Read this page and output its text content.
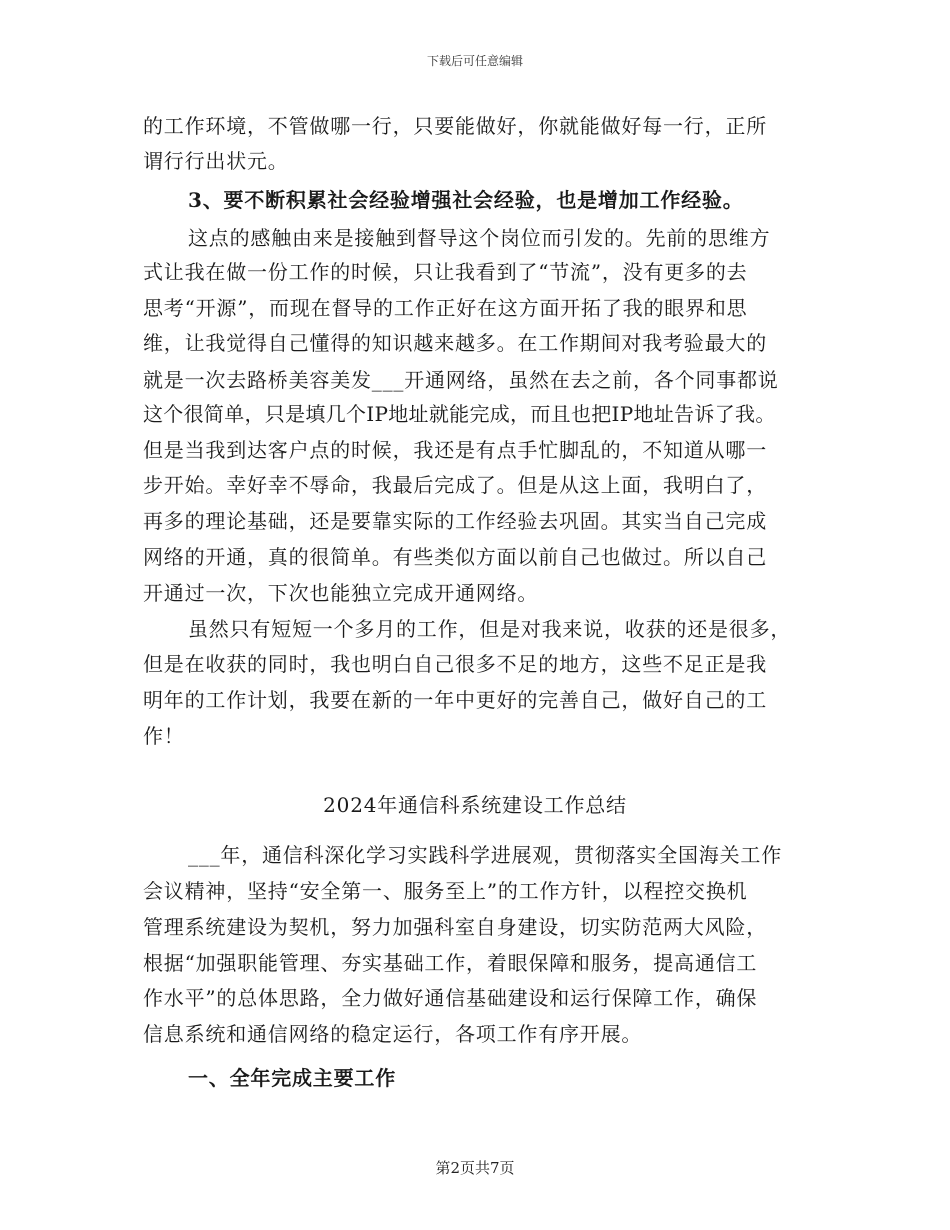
下载后可任意编辑
的工作环境，不管做哪一行，只要能做好，你就能做好每一行，正所
谓行行出状元。
3、要不断积累社会经验增强社会经验，也是增加工作经验。
这点的感触由来是接触到督导这个岗位而引发的。先前的思维方
式让我在做一份工作的时候，只让我看到了“节流”，没有更多的去
思考“开源”，而现在督导的工作正好在这方面开拓了我的眼界和思
维，让我觉得自己懂得的知识越来越多。在工作期间对我考验最大的
就是一次去路桥美容美发___开通网络，虽然在去之前，各个同事都说
这个很简单，只是填几个IP地址就能完成，而且也把IP地址告诉了我。
但是当我到达客户点的时候，我还是有点手忙脚乱的，不知道从哪一
步开始。幸好幸不辱命，我最后完成了。但是从这上面，我明白了，
再多的理论基础，还是要靠实际的工作经验去巩固。其实当自己完成
网络的开通，真的很简单。有些类似方面以前自己也做过。所以自己
开通过一次，下次也能独立完成开通网络。
虽然只有短短一个多月的工作，但是对我来说，收获的还是很多，
但是在收获的同时，我也明白自己很多不足的地方，这些不足正是我
明年的工作计划，我要在新的一年中更好的完善自己，做好自己的工
作！
2024年通信科系统建设工作总结
___年，通信科深化学习实践科学进展观，贯彻落实全国海关工作
会议精神，坚持“安全第一、服务至上”的工作方针，以程控交换机
管理系统建设为契机，努力加强科室自身建设，切实防范两大风险，
根据“加强职能管理、夯实基础工作，着眼保障和服务，提高通信工
作水平”的总体思路，全力做好通信基础建设和运行保障工作，确保
信息系统和通信网络的稳定运行，各项工作有序开展。
一、全年完成主要工作
第2页共7页
